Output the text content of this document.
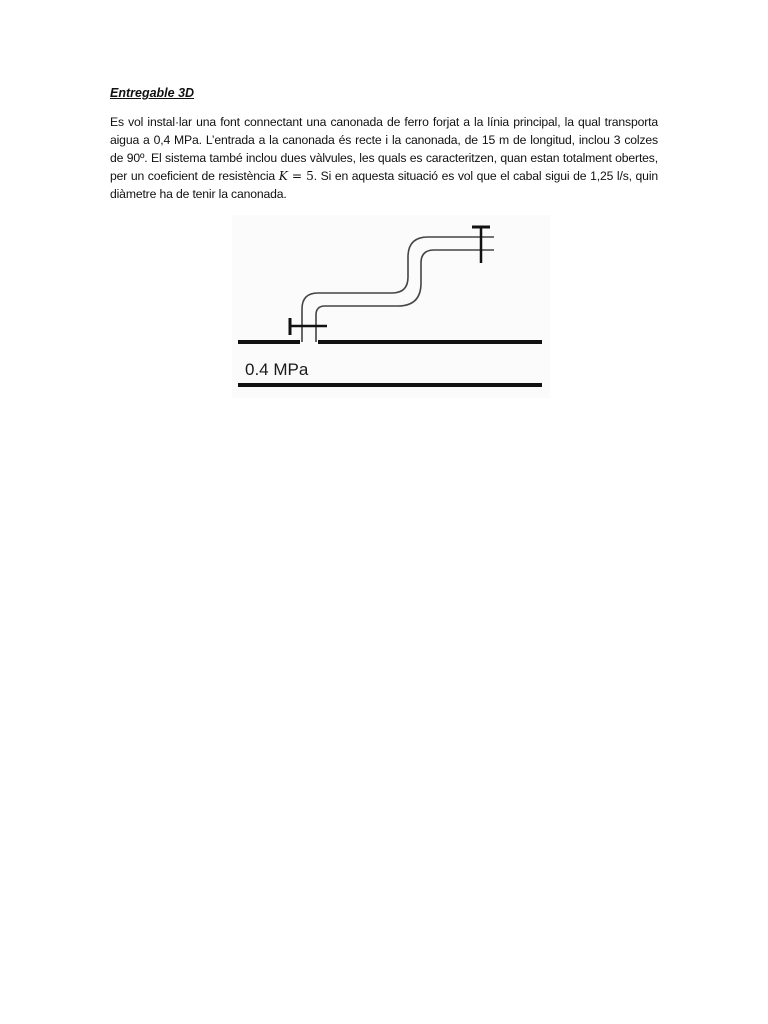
Entregable 3D
Es vol instal·lar una font connectant una canonada de ferro forjat a la línia principal, la qual transporta aigua a 0,4 MPa. L’entrada a la canonada és recte i la canonada, de 15 m de longitud, inclou 3 colzes de 90º. El sistema també inclou dues vàlvules, les quals es caracteritzen, quan estan totalment obertes, per un coeficient de resistència K = 5. Si en aquesta situació es vol que el cabal sigui de 1,25 l/s, quin diàmetre ha de tenir la canonada.
0.4 MPa
